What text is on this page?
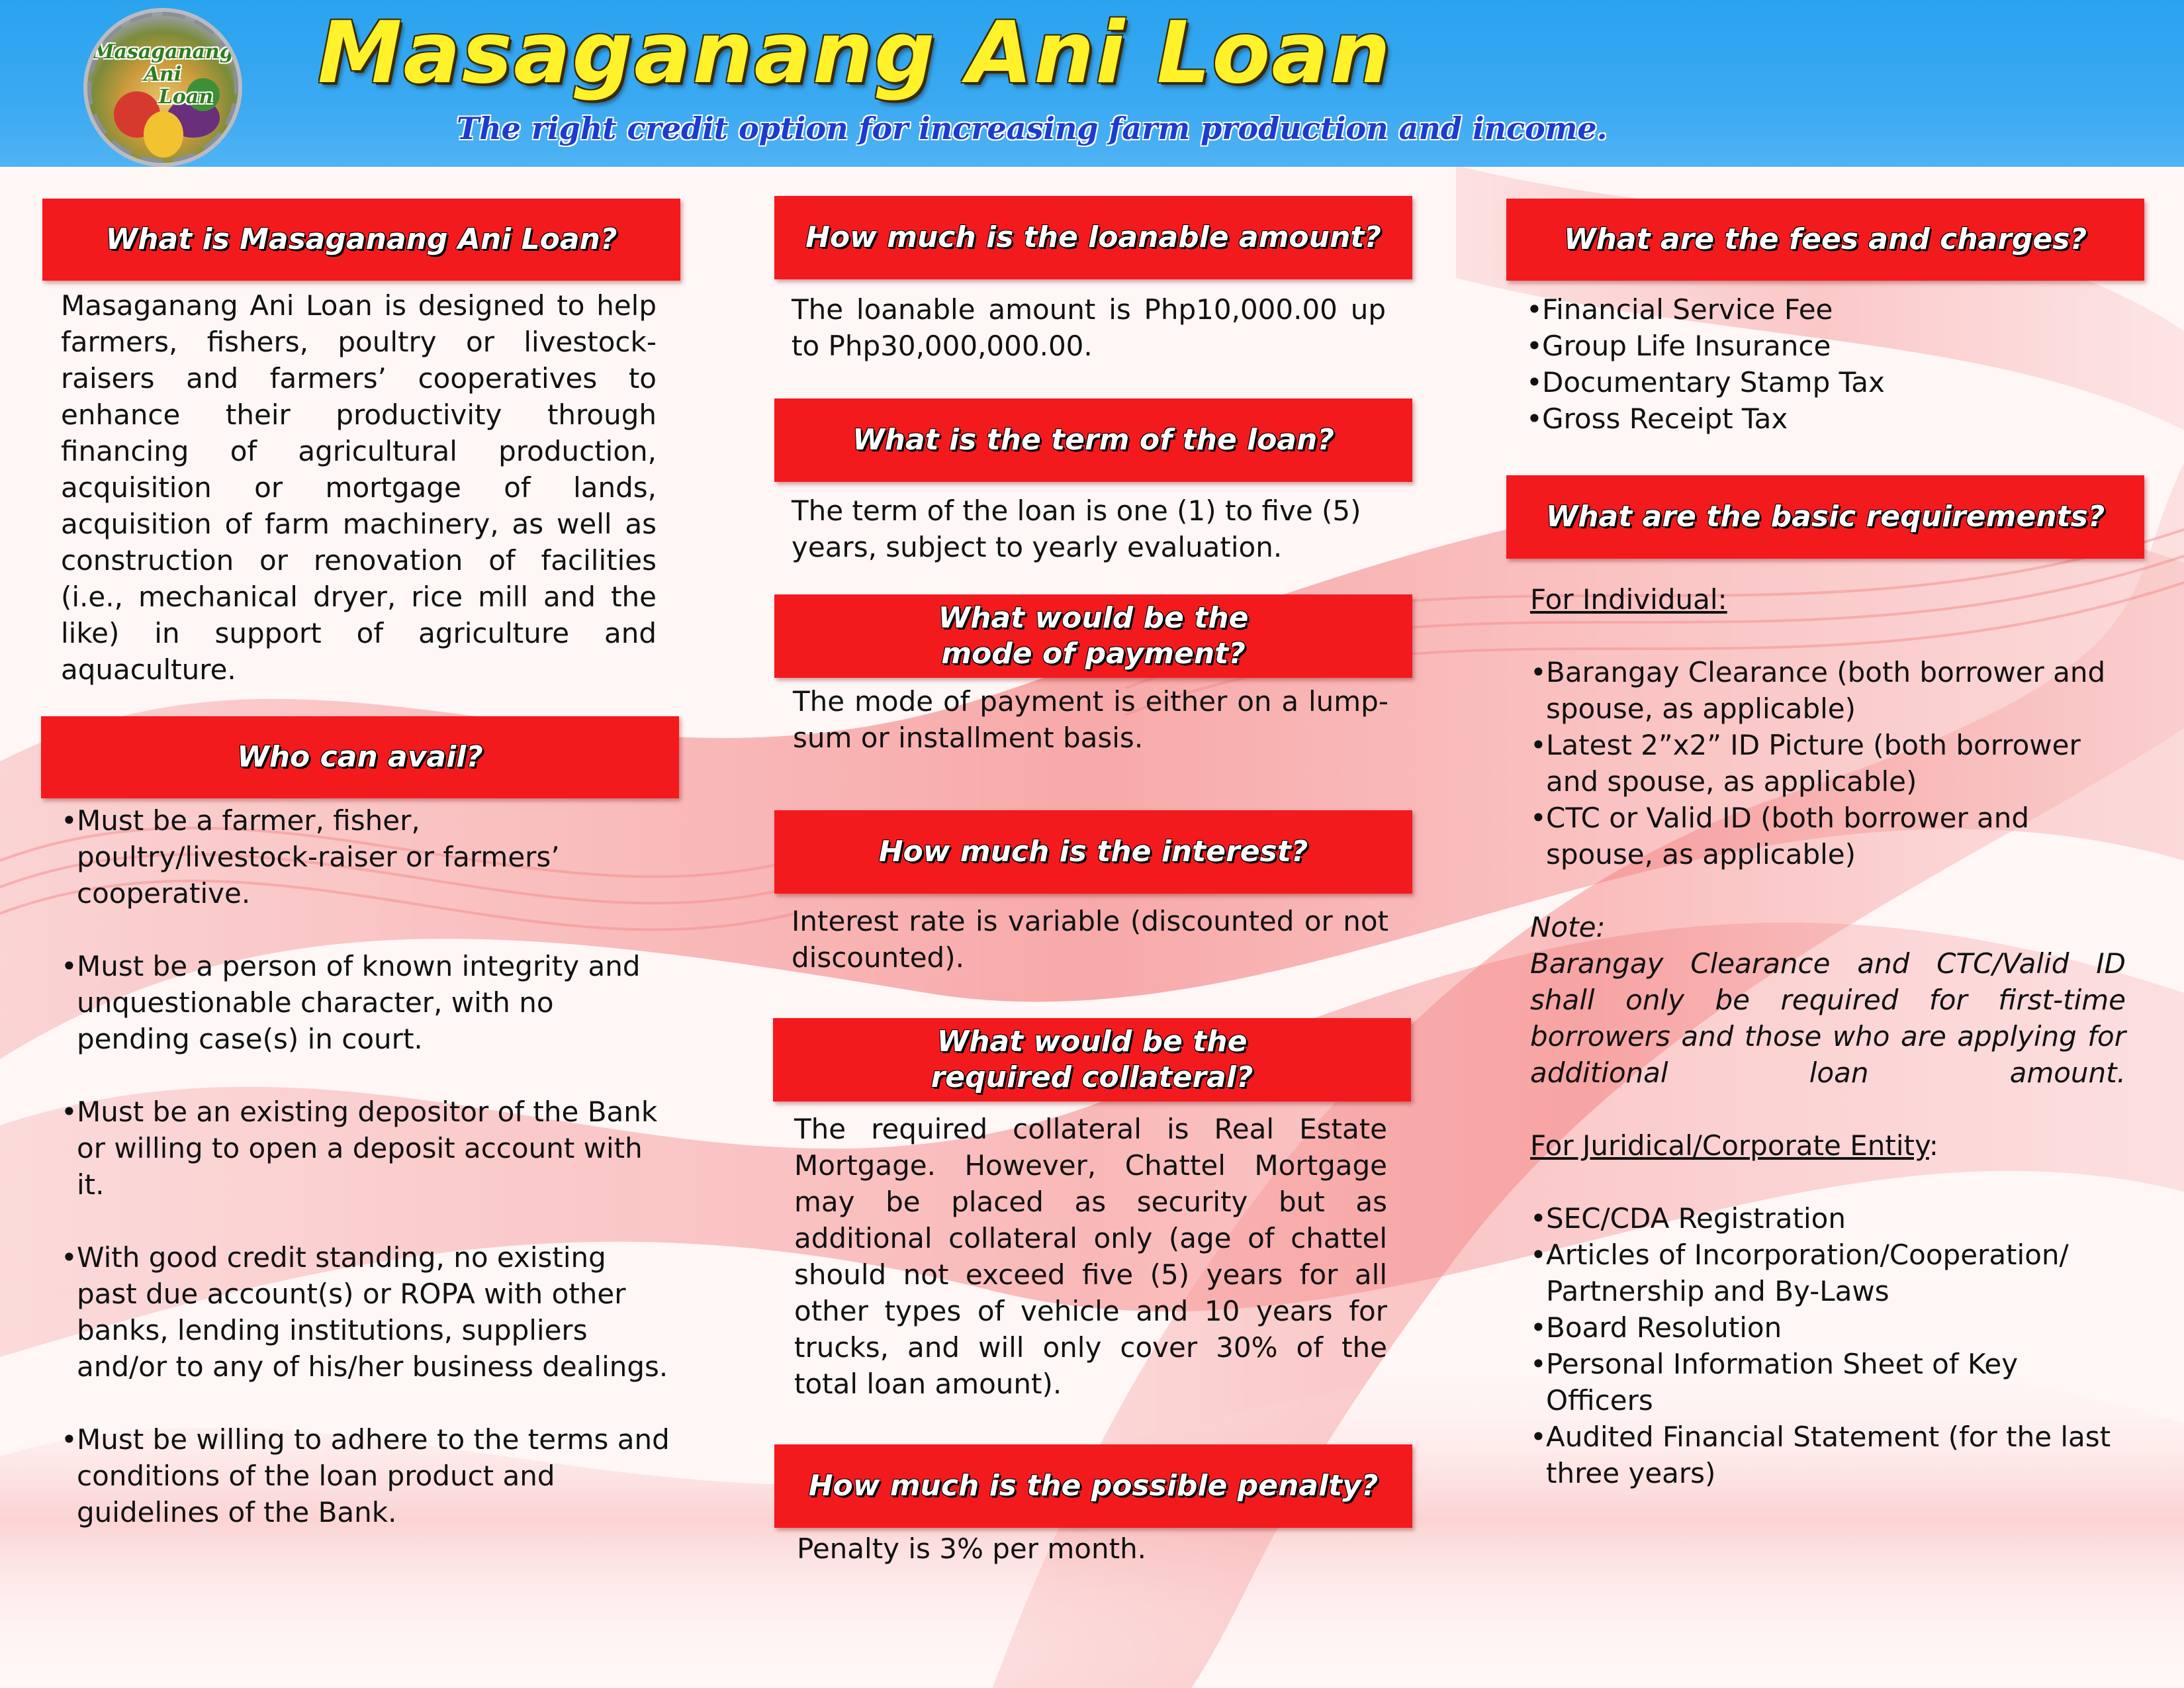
Masaganang Ani
Loan Masaganang Ani Loan
The right credit option for increasing farm production and income.
What is Masaganang Ani Loan?
Masaganang Ani Loan is designed to help farmers, fishers, poultry or livestock-raisers and farmers’ cooperatives to enhance their productivity through financing of agricultural production, acquisition or mortgage of lands, acquisition of farm machinery, as well as construction or renovation of facilities (i.e., mechanical dryer, rice mill and the like) in support of agriculture and aquaculture.
Who can avail?
• Must be a farmer, fisher, poultry/livestock-raiser or farmers’ cooperative.
• Must be a person of known integrity and unquestionable character, with no pending case(s) in court.
• Must be an existing depositor of the Bank or willing to open a deposit account with it.
• With good credit standing, no existing past due account(s) or ROPA with other banks, lending institutions, suppliers and/or to any of his/her business dealings.
• Must be willing to adhere to the terms and conditions of the loan product and guidelines of the Bank.
How much is the loanable amount?
The loanable amount is Php10,000.00 up to Php30,000,000.00.
What is the term of the loan?
The term of the loan is one (1) to five (5) years, subject to yearly evaluation.
What would be the
mode of payment?
The mode of payment is either on a lump-sum or installment basis.
How much is the interest?
Interest rate is variable (discounted or not discounted).
What would be the
required collateral?
The required collateral is Real Estate Mortgage. However, Chattel Mortgage may be placed as security but as additional collateral only (age of chattel should not exceed five (5) years for all other types of vehicle and 10 years for trucks, and will only cover 30% of the total loan amount).
How much is the possible penalty?
Penalty is 3% per month.
What are the fees and charges?
• Financial Service Fee
• Group Life Insurance
• Documentary Stamp Tax
• Gross Receipt Tax
What are the basic requirements?
For Individual:
• Barangay Clearance (both borrower and spouse, as applicable)
• Latest 2”x2” ID Picture (both borrower and spouse, as applicable)
• CTC or Valid ID (both borrower and spouse, as applicable)
Note:
Barangay Clearance and CTC/Valid ID shall only be required for first-time borrowers and those who are applying for additional loan amount.
For Juridical/Corporate Entity:
• SEC/CDA Registration
• Articles of Incorporation/Cooperation/ Partnership and By-Laws
• Board Resolution
• Personal Information Sheet of Key Officers
• Audited Financial Statement (for the last three years)
